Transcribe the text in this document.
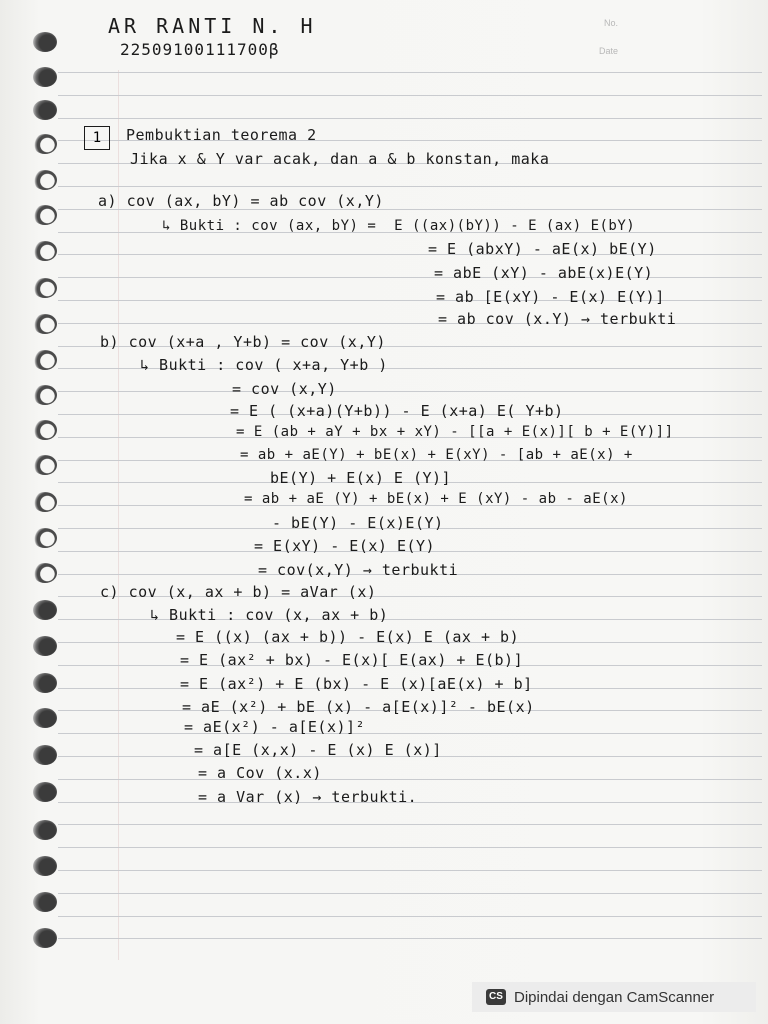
No.
Date
AR RANTI N. H
22509100111700β
1	Pembuktian teorema 2
Jika x & Y var acak, dan a & b konstan, maka
a) cov (ax, bY) = ab cov (x,Y)
↳ Bukti : cov (ax, bY) =  E ((ax)(bY)) - E (ax) E(bY)
= E (abxY) - aE(x) bE(Y)
= abE (xY) - abE(x)E(Y)
= ab [E(xY) - E(x) E(Y)]
= ab cov (x.Y) → terbukti
b) cov (x+a , Y+b) = cov (x,Y)
↳ Bukti : cov ( x+a, Y+b )
= cov (x,Y)
= E ( (x+a)(Y+b)) - E (x+a) E( Y+b)
= E (ab + aY + bx + xY) - [[a + E(x)][ b + E(Y)]]
= ab + aE(Y) + bE(x) + E(xY) - [ab + aE(x) +
bE(Y) + E(x) E (Y)]
= ab + aE (Y) + bE(x) + E (xY) - ab - aE(x)
- bE(Y) - E(x)E(Y)
= E(xY) - E(x) E(Y)
= cov(x,Y) → terbukti
c) cov (x, ax + b) = aVar (x)
↳ Bukti : cov (x, ax + b)
= E ((x) (ax + b)) - E(x) E (ax + b)
= E (ax² + bx) - E(x)[ E(ax) + E(b)]
= E (ax²) + E (bx) - E (x)[aE(x) + b]
= aE (x²) + bE (x) - a[E(x)]² - bE(x)
= aE(x²) - a[E(x)]²
= a[E (x,x) - E (x) E (x)]
= a Cov (x.x)
= a Var (x) → terbukti.
CS Dipindai dengan CamScanner
